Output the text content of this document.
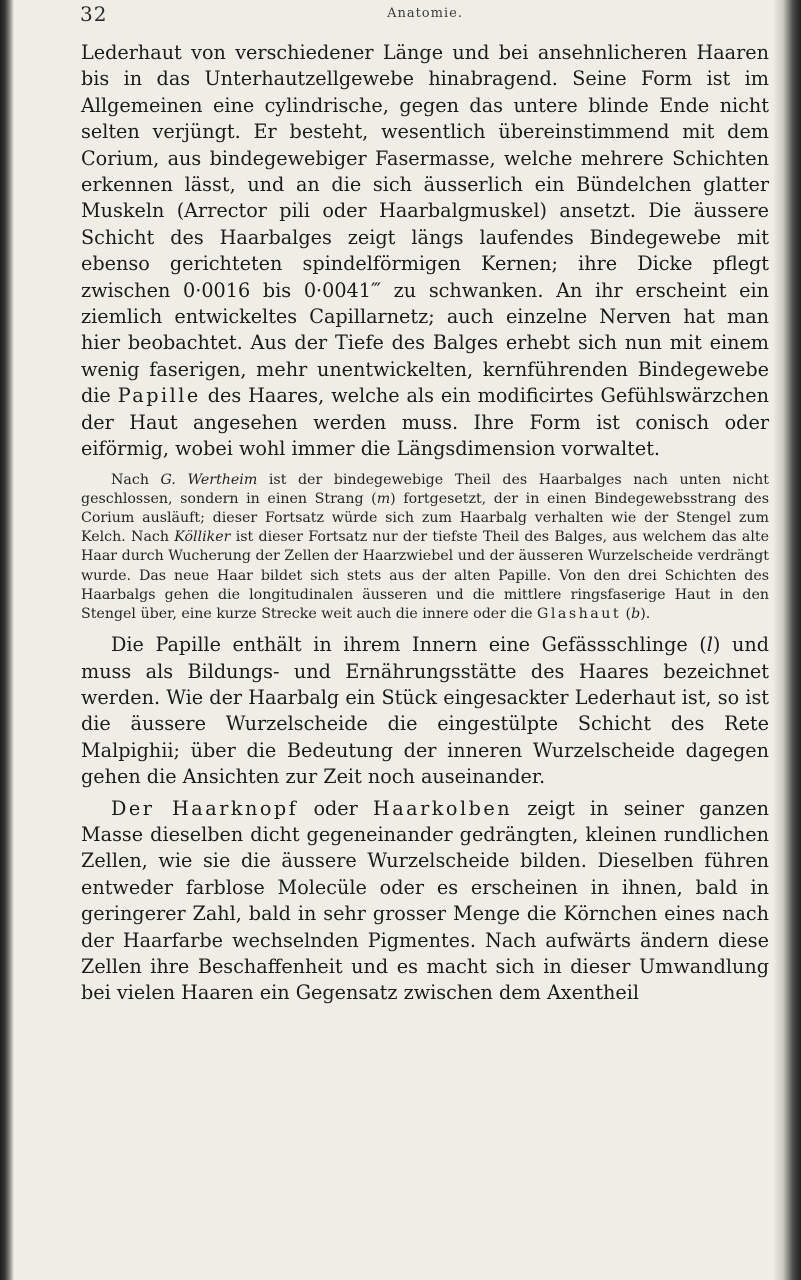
32	Anatomie.

Lederhaut von verschiedener Länge und bei ansehnlicheren Haaren bis in das Unterhautzellgewebe hinabragend. Seine Form ist im Allgemeinen eine cylindrische, gegen das untere blinde Ende nicht selten verjüngt. Er besteht, wesentlich übereinstimmend mit dem Corium, aus bindegewebiger Fasermasse, welche mehrere Schichten erkennen lässt, und an die sich äusserlich ein Bündelchen glatter Muskeln (Arrector pili oder Haarbalgmuskel) ansetzt. Die äussere Schicht des Haarbalges zeigt längs laufendes Bindegewebe mit ebenso gerichteten spindelförmigen Kernen; ihre Dicke pflegt zwischen 0·0016 bis 0·0041‴ zu schwanken. An ihr erscheint ein ziemlich entwickeltes Capillarnetz; auch einzelne Nerven hat man hier beobachtet. Aus der Tiefe des Balges erhebt sich nun mit einem wenig faserigen, mehr unentwickelten, kernführenden Bindegewebe die Papille des Haares, welche als ein modificirtes Gefühlswärzchen der Haut angesehen werden muss. Ihre Form ist conisch oder eiförmig, wobei wohl immer die Längsdimension vorwaltet.

Nach G. Wertheim ist der bindegewebige Theil des Haarbalges nach unten nicht geschlossen, sondern in einen Strang (m) fortgesetzt, der in einen Bindegewebsstrang des Corium ausläuft; dieser Fortsatz würde sich zum Haarbalg verhalten wie der Stengel zum Kelch. Nach Kölliker ist dieser Fortsatz nur der tiefste Theil des Balges, aus welchem das alte Haar durch Wucherung der Zellen der Haarzwiebel und der äusseren Wurzelscheide verdrängt wurde. Das neue Haar bildet sich stets aus der alten Papille. Von den drei Schichten des Haarbalgs gehen die longitudinalen äusseren und die mittlere ringsfaserige Haut in den Stengel über, eine kurze Strecke weit auch die innere oder die Glashaut (b).

Die Papille enthält in ihrem Innern eine Gefässschlinge (l) und muss als Bildungs- und Ernährungsstätte des Haares bezeichnet werden. Wie der Haarbalg ein Stück eingesackter Lederhaut ist, so ist die äussere Wurzelscheide die eingestülpte Schicht des Rete Malpighii; über die Bedeutung der inneren Wurzelscheide dagegen gehen die Ansichten zur Zeit noch auseinander.

Der Haarknopf oder Haarkolben zeigt in seiner ganzen Masse dieselben dicht gegeneinander gedrängten, kleinen rundlichen Zellen, wie sie die äussere Wurzelscheide bilden. Dieselben führen entweder farblose Molecüle oder es erscheinen in ihnen, bald in geringerer Zahl, bald in sehr grosser Menge die Körnchen eines nach der Haarfarbe wechselnden Pigmentes. Nach aufwärts ändern diese Zellen ihre Beschaffenheit und es macht sich in dieser Umwandlung bei vielen Haaren ein Gegensatz zwischen dem Axentheil
